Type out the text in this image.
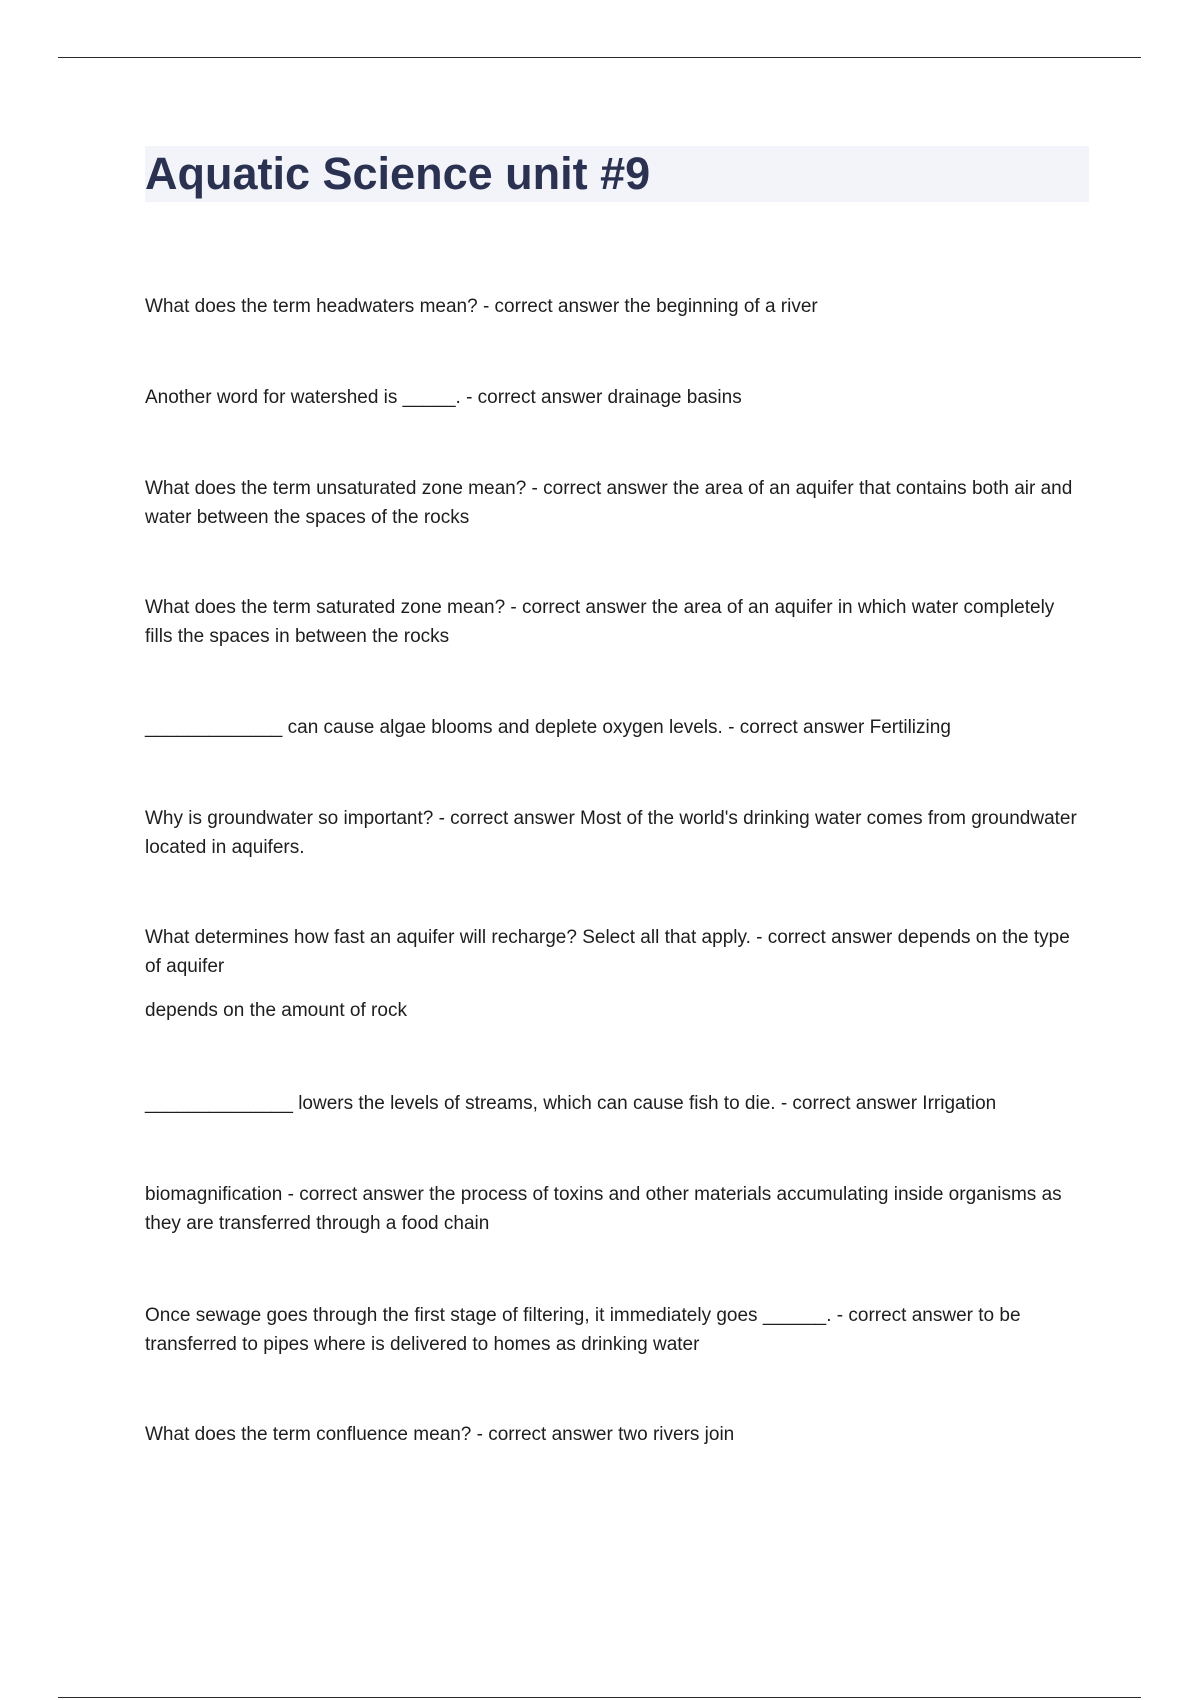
Aquatic Science unit #9

What does the term headwaters mean? - correct answer the beginning of a river

Another word for watershed is _____. - correct answer drainage basins

What does the term unsaturated zone mean? - correct answer the area of an aquifer that contains both air and water between the spaces of the rocks

What does the term saturated zone mean? - correct answer the area of an aquifer in which water completely fills the spaces in between the rocks

_____________ can cause algae blooms and deplete oxygen levels. - correct answer Fertilizing

Why is groundwater so important? - correct answer Most of the world's drinking water comes from groundwater located in aquifers.

What determines how fast an aquifer will recharge? Select all that apply. - correct answer depends on the type of aquifer

depends on the amount of rock

______________ lowers the levels of streams, which can cause fish to die. - correct answer Irrigation

biomagnification - correct answer the process of toxins and other materials accumulating inside organisms as they are transferred through a food chain

Once sewage goes through the first stage of filtering, it immediately goes ______. - correct answer to be transferred to pipes where is delivered to homes as drinking water

What does the term confluence mean? - correct answer two rivers join
